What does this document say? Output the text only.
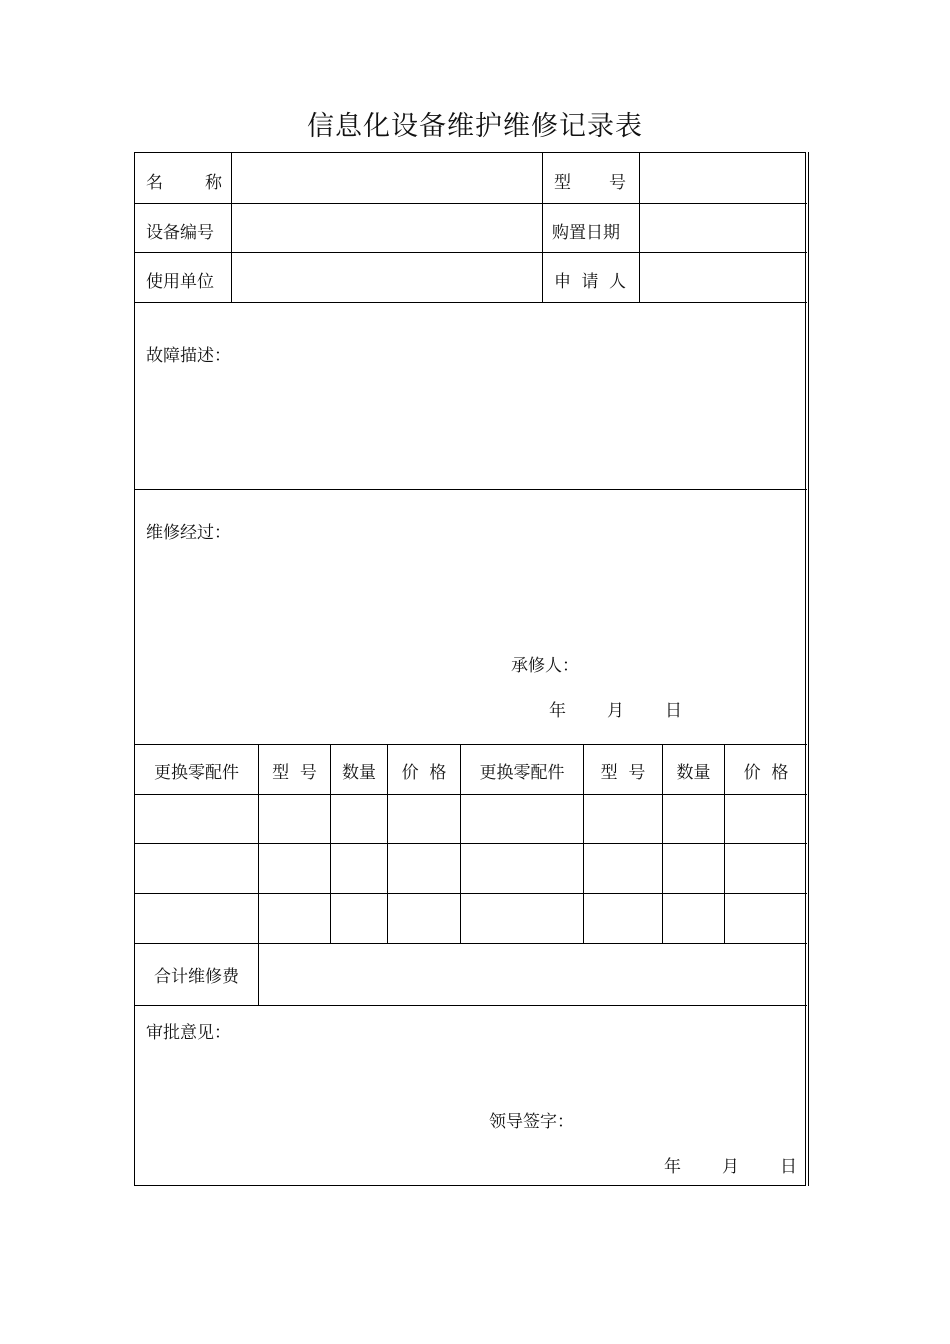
信息化设备维护维修记录表
名 称	型 号
设备编号	购置日期
使用单位	申 请 人
故障描述：
维修经过：
承修人：
年 月 日
更换零配件	型  号	数量	价  格	更换零配件	型  号	数量	价  格
合计维修费
审批意见：
领导签字：
年 月 日
